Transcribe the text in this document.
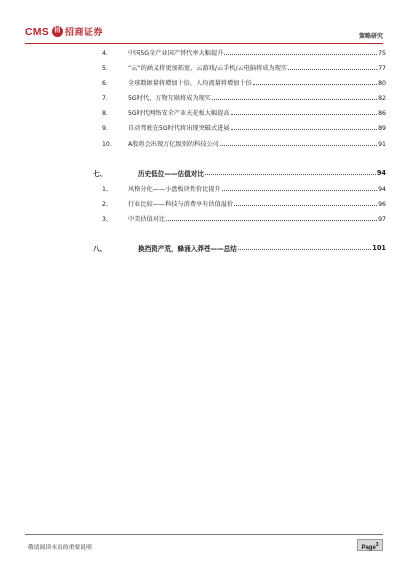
CMS 招 招商证券	策略研究
4.	中国5G全产业国产替代率大幅提升	75
5.	“云”的涵义将更加拓宽，云游戏/云手机/云电脑将成为现实	77
6.	全球数据量将增加十倍，人均流量将增加十倍	80
7.	5G时代，万物互联将成为现实	82
8.	5G时代网络安全产业天花板大幅提高	86
9.	自动驾驶在5G时代将出现突破式进展	89
10.	A股将会出现万亿级别的科技公司	91
七、	历史低位——估值对比	94
1、	风格分化——小盘板块性价比提升	94
2、	行业比较——科技与消费享有估值溢价	96
3、	中美估值对比	97
八、	换挡资产荒，蜂涌入莽苍——总结	101
敬请阅读末页的重要说明	Page$^3$
